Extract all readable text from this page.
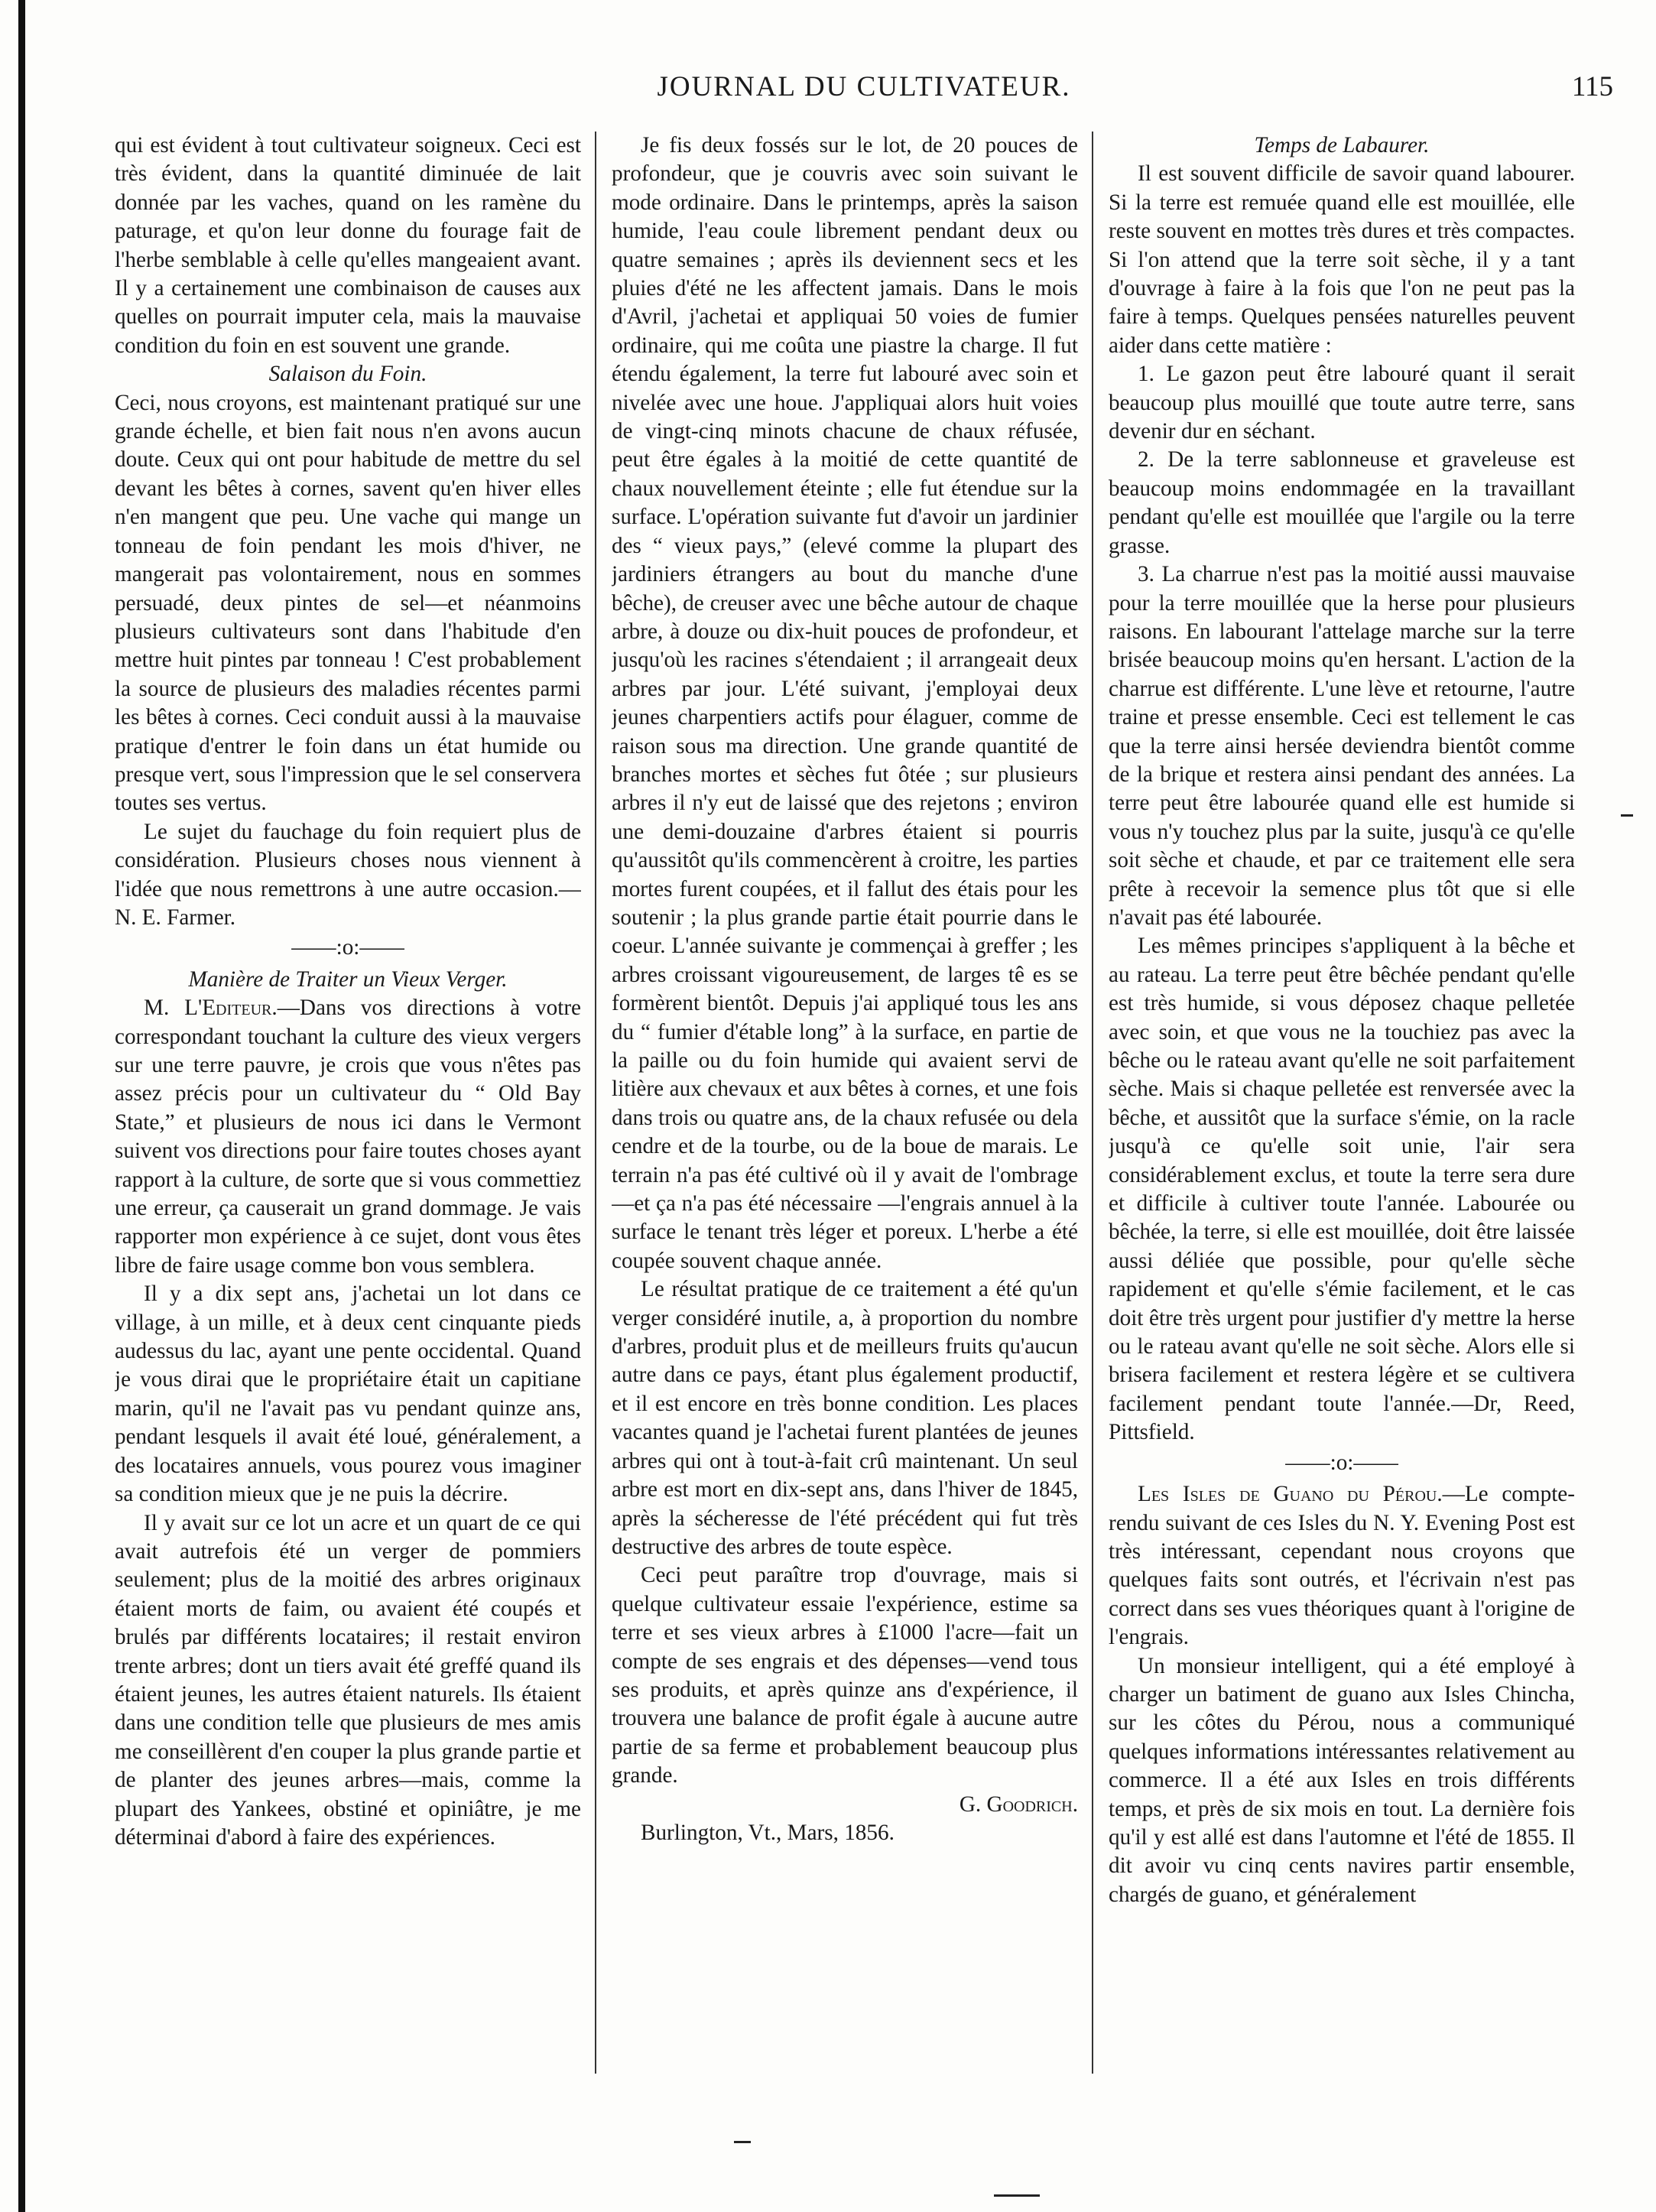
JOURNAL DU CULTIVATEUR.	115

qui est évident à tout cultivateur soigneux. Ceci est très évident, dans la quantité diminuée de lait donnée par les vaches, quand on les ramène du paturage, et qu'on leur donne du fourage fait de l'herbe semblable à celle qu'elles mangeaient avant. Il y a certainement une combinaison de causes aux quelles on pourrait imputer cela, mais la mauvaise condition du foin en est souvent une grande.

Salaison du Foin.

Ceci, nous croyons, est maintenant pratiqué sur une grande échelle, et bien fait nous n'en avons aucun doute. Ceux qui ont pour habitude de mettre du sel devant les bêtes à cornes, savent qu'en hiver elles n'en mangent que peu. Une vache qui mange un tonneau de foin pendant les mois d'hiver, ne mangerait pas volontairement, nous en sommes persuadé, deux pintes de sel—et néanmoins plusieurs cultivateurs sont dans l'habitude d'en mettre huit pintes par tonneau ! C'est probablement la source de plusieurs des maladies récentes parmi les bêtes à cornes. Ceci conduit aussi à la mauvaise pratique d'entrer le foin dans un état humide ou presque vert, sous l'impression que le sel conservera toutes ses vertus.

Le sujet du fauchage du foin requiert plus de considération. Plusieurs choses nous viennent à l'idée que nous remettrons à une autre occasion.—N. E. Farmer.

——:o:——

Manière de Traiter un Vieux Verger.

M. L'Editeur.—Dans vos directions à votre correspondant touchant la culture des vieux vergers sur une terre pauvre, je crois que vous n'êtes pas assez précis pour un cultivateur du “ Old Bay State,” et plusieurs de nous ici dans le Vermont suivent vos directions pour faire toutes choses ayant rapport à la culture, de sorte que si vous commettiez une erreur, ça causerait un grand dommage. Je vais rapporter mon expérience à ce sujet, dont vous êtes libre de faire usage comme bon vous semblera.

Il y a dix sept ans, j'achetai un lot dans ce village, à un mille, et à deux cent cinquante pieds audessus du lac, ayant une pente occidental. Quand je vous dirai que le propriétaire était un capitiane marin, qu'il ne l'avait pas vu pendant quinze ans, pendant lesquels il avait été loué, généralement, a des locataires annuels, vous pourez vous imaginer sa condition mieux que je ne puis la décrire.

Il y avait sur ce lot un acre et un quart de ce qui avait autrefois été un verger de pommiers seulement; plus de la moitié des arbres originaux étaient morts de faim, ou avaient été coupés et brulés par différents locataires; il restait environ trente arbres; dont un tiers avait été greffé quand ils étaient jeunes, les autres étaient naturels. Ils étaient dans une condition telle que plusieurs de mes amis me conseillèrent d'en couper la plus grande partie et de planter des jeunes arbres—mais, comme la plupart des Yankees, obstiné et opiniâtre, je me déterminai d'abord à faire des expériences.

Je fis deux fossés sur le lot, de 20 pouces de profondeur, que je couvris avec soin suivant le mode ordinaire. Dans le printemps, après la saison humide, l'eau coule librement pendant deux ou quatre semaines ; après ils deviennent secs et les pluies d'été ne les affectent jamais. Dans le mois d'Avril, j'achetai et appliquai 50 voies de fumier ordinaire, qui me coûta une piastre la charge. Il fut étendu également, la terre fut labouré avec soin et nivelée avec une houe. J'appliquai alors huit voies de vingt-cinq minots chacune de chaux réfusée, peut être égales à la moitié de cette quantité de chaux nouvellement éteinte ; elle fut étendue sur la surface. L'opération suivante fut d'avoir un jardinier des “ vieux pays,” (elevé comme la plupart des jardiniers étrangers au bout du manche d'une bêche), de creuser avec une bêche autour de chaque arbre, à douze ou dix-huit pouces de profondeur, et jusqu'où les racines s'étendaient ; il arrangeait deux arbres par jour. L'été suivant, j'employai deux jeunes charpentiers actifs pour élaguer, comme de raison sous ma direction. Une grande quantité de branches mortes et sèches fut ôtée ; sur plusieurs arbres il n'y eut de laissé que des rejetons ; environ une demi-douzaine d'arbres étaient si pourris qu'aussitôt qu'ils commencèrent à croitre, les parties mortes furent coupées, et il fallut des étais pour les soutenir ; la plus grande partie était pourrie dans le coeur. L'année suivante je commençai à greffer ; les arbres croissant vigoureusement, de larges tê es se formèrent bientôt. Depuis j'ai appliqué tous les ans du “ fumier d'étable long” à la surface, en partie de la paille ou du foin humide qui avaient servi de litière aux chevaux et aux bêtes à cornes, et une fois dans trois ou quatre ans, de la chaux refusée ou dela cendre et de la tourbe, ou de la boue de marais. Le terrain n'a pas été cultivé où il y avait de l'ombrage—et ça n'a pas été nécessaire —l'engrais annuel à la surface le tenant très léger et poreux. L'herbe a été coupée souvent chaque année.

Le résultat pratique de ce traitement a été qu'un verger considéré inutile, a, à proportion du nombre d'arbres, produit plus et de meilleurs fruits qu'aucun autre dans ce pays, étant plus également productif, et il est encore en très bonne condition. Les places vacantes quand je l'achetai furent plantées de jeunes arbres qui ont à tout-à-fait crû maintenant. Un seul arbre est mort en dix-sept ans, dans l'hiver de 1845, après la sécheresse de l'été précédent qui fut très destructive des arbres de toute espèce.

Ceci peut paraître trop d'ouvrage, mais si quelque cultivateur essaie l'expérience, estime sa terre et ses vieux arbres à £1000 l'acre—fait un compte de ses engrais et des dépenses—vend tous ses produits, et après quinze ans d'expérience, il trouvera une balance de profit égale à aucune autre partie de sa ferme et probablement beaucoup plus grande.

G. Goodrich.

Burlington, Vt., Mars, 1856.

Temps de Labaurer.

Il est souvent difficile de savoir quand labourer. Si la terre est remuée quand elle est mouillée, elle reste souvent en mottes très dures et très compactes. Si l'on attend que la terre soit sèche, il y a tant d'ouvrage à faire à la fois que l'on ne peut pas la faire à temps. Quelques pensées naturelles peuvent aider dans cette matière :

1. Le gazon peut être labouré quant il serait beaucoup plus mouillé que toute autre terre, sans devenir dur en séchant.

2. De la terre sablonneuse et graveleuse est beaucoup moins endommagée en la travaillant pendant qu'elle est mouillée que l'argile ou la terre grasse.

3. La charrue n'est pas la moitié aussi mauvaise pour la terre mouillée que la herse pour plusieurs raisons. En labourant l'attelage marche sur la terre brisée beaucoup moins qu'en hersant. L'action de la charrue est différente. L'une lève et retourne, l'autre traine et presse ensemble. Ceci est tellement le cas que la terre ainsi hersée deviendra bientôt comme de la brique et restera ainsi pendant des années. La terre peut être labourée quand elle est humide si vous n'y touchez plus par la suite, jusqu'à ce qu'elle soit sèche et chaude, et par ce traitement elle sera prête à recevoir la semence plus tôt que si elle n'avait pas été labourée.

Les mêmes principes s'appliquent à la bêche et au rateau. La terre peut être bêchée pendant qu'elle est très humide, si vous déposez chaque pelletée avec soin, et que vous ne la touchiez pas avec la bêche ou le rateau avant qu'elle ne soit parfaitement sèche. Mais si chaque pelletée est renversée avec la bêche, et aussitôt que la surface s'émie, on la racle jusqu'à ce qu'elle soit unie, l'air sera considérablement exclus, et toute la terre sera dure et difficile à cultiver toute l'année. Labourée ou bêchée, la terre, si elle est mouillée, doit être laissée aussi déliée que possible, pour qu'elle sèche rapidement et qu'elle s'émie facilement, et le cas doit être très urgent pour justifier d'y mettre la herse ou le rateau avant qu'elle ne soit sèche. Alors elle si brisera facilement et restera légère et se cultivera facilement pendant toute l'année.—Dr, Reed, Pittsfield.

——:o:——

Les Isles de Guano du Pérou.—Le compte-rendu suivant de ces Isles du N. Y. Evening Post est très intéressant, cependant nous croyons que quelques faits sont outrés, et l'écrivain n'est pas correct dans ses vues théoriques quant à l'origine de l'engrais.

Un monsieur intelligent, qui a été employé à charger un batiment de guano aux Isles Chincha, sur les côtes du Pérou, nous a communiqué quelques informations intéressantes relativement au commerce. Il a été aux Isles en trois différents temps, et près de six mois en tout. La dernière fois qu'il y est allé est dans l'automne et l'été de 1855. Il dit avoir vu cinq cents navires partir ensemble, chargés de guano, et généralement
